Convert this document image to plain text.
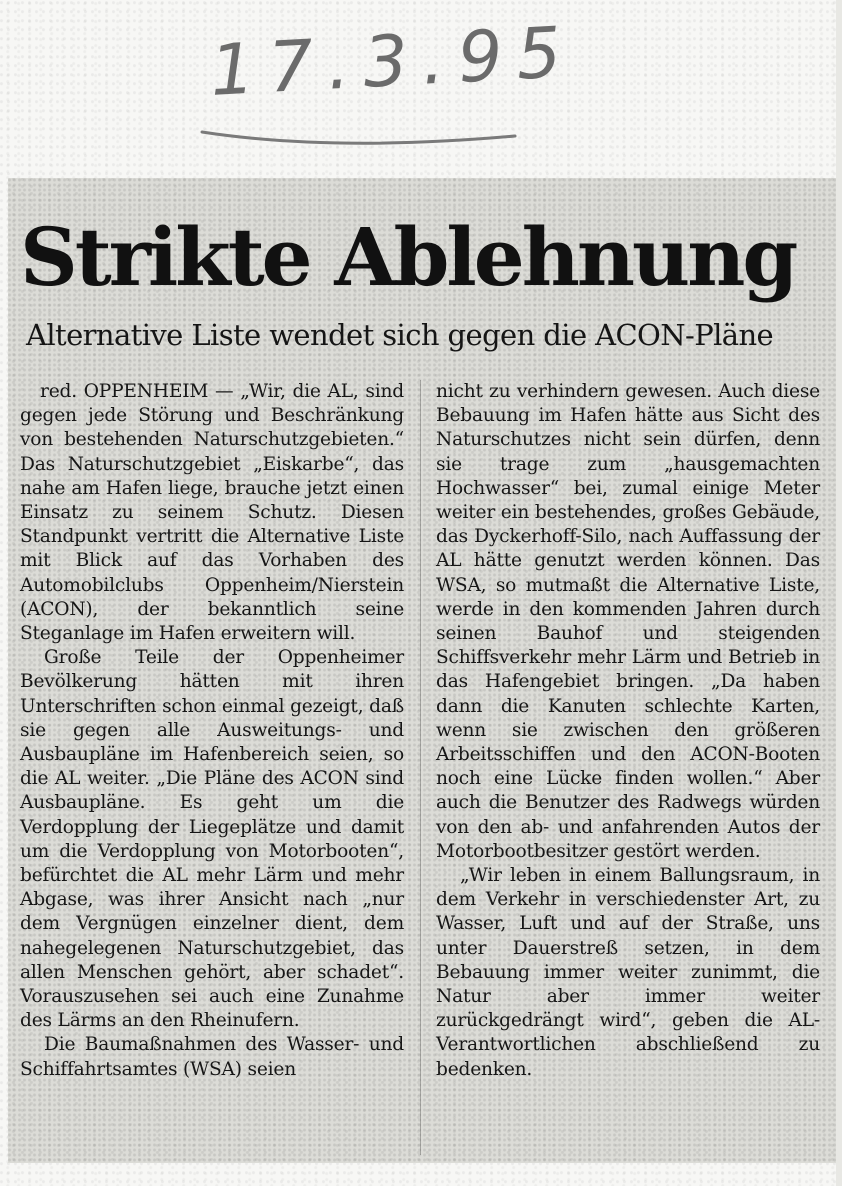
17.3.95
Strikte Ablehnung
Alternative Liste wendet sich gegen die ACON-Pläne

red. OPPENHEIM — „Wir, die AL, sind gegen jede Störung und Beschränkung von bestehenden Naturschutzgebieten.“ Das Naturschutzgebiet „Eiskarbe“, das nahe am Hafen liege, brauche jetzt einen Einsatz zu seinem Schutz. Diesen Standpunkt vertritt die Alternative Liste mit Blick auf das Vorhaben des Automobilclubs Oppenheim/Nierstein (ACON), der bekanntlich seine Steganlage im Hafen erweitern will.

Große Teile der Oppenheimer Bevölkerung hätten mit ihren Unterschriften schon einmal gezeigt, daß sie gegen alle Ausweitungs- und Ausbaupläne im Hafenbereich seien, so die AL weiter. „Die Pläne des ACON sind Ausbaupläne. Es geht um die Verdopplung der Liegeplätze und damit um die Verdopplung von Motorbooten“, befürchtet die AL mehr Lärm und mehr Abgase, was ihrer Ansicht nach „nur dem Vergnügen einzelner dient, dem nahegelegenen Naturschutzgebiet, das allen Menschen gehört, aber schadet“. Vorauszusehen sei auch eine Zunahme des Lärms an den Rheinufern.

Die Baumaßnahmen des Wasser- und Schiffahrtsamtes (WSA) seien

nicht zu verhindern gewesen. Auch diese Bebauung im Hafen hätte aus Sicht des Naturschutzes nicht sein dürfen, denn sie trage zum „hausgemachten Hochwasser“ bei, zumal einige Meter weiter ein bestehendes, großes Gebäude, das Dyckerhoff-Silo, nach Auffassung der AL hätte genutzt werden können. Das WSA, so mutmaßt die Alternative Liste, werde in den kommenden Jahren durch seinen Bauhof und steigenden Schiffsverkehr mehr Lärm und Betrieb in das Hafengebiet bringen. „Da haben dann die Kanuten schlechte Karten, wenn sie zwischen den größeren Arbeitsschiffen und den ACON-Booten noch eine Lücke finden wollen.“ Aber auch die Benutzer des Radwegs würden von den ab- und anfahrenden Autos der Motorbootbesitzer gestört werden.

„Wir leben in einem Ballungsraum, in dem Verkehr in verschiedenster Art, zu Wasser, Luft und auf der Straße, uns unter Dauerstreß setzen, in dem Bebauung immer weiter zunimmt, die Natur aber immer weiter zurückgedrängt wird“, geben die AL-Verantwortlichen abschließend zu bedenken.
